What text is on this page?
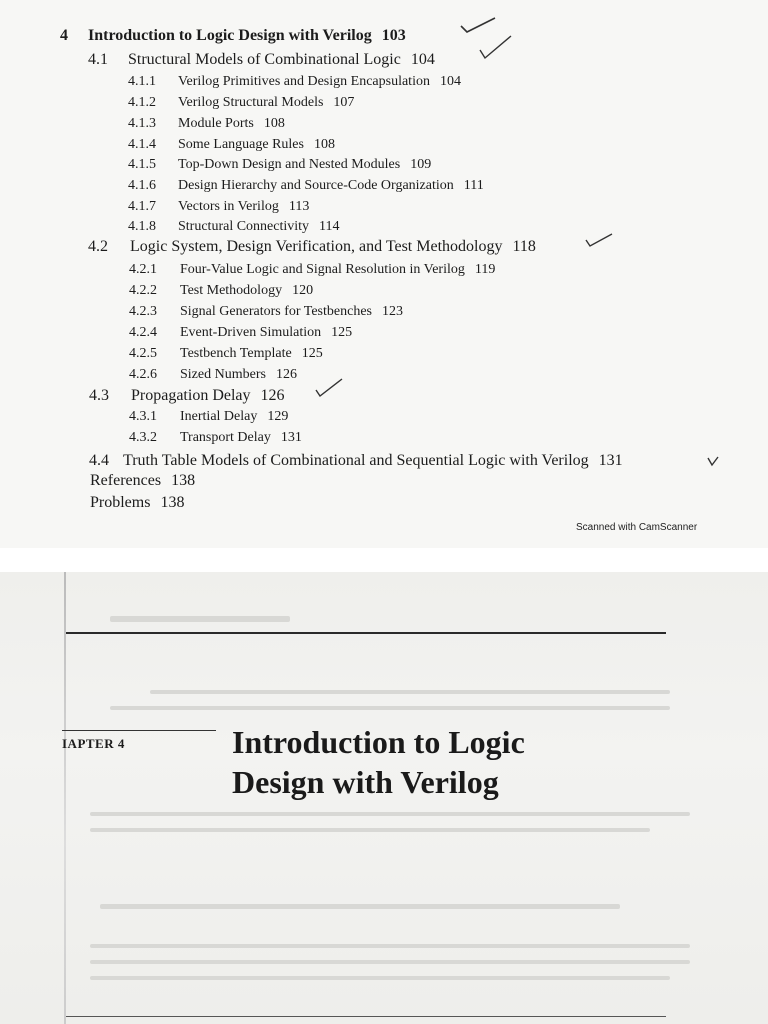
4 Introduction to Logic Design with Verilog 103
4.1 Structural Models of Combinational Logic 104
4.1.1 Verilog Primitives and Design Encapsulation 104
4.1.2 Verilog Structural Models 107
4.1.3 Module Ports 108
4.1.4 Some Language Rules 108
4.1.5 Top-Down Design and Nested Modules 109
4.1.6 Design Hierarchy and Source-Code Organization 111
4.1.7 Vectors in Verilog 113
4.1.8 Structural Connectivity 114
4.2 Logic System, Design Verification, and Test Methodology 118
4.2.1 Four-Value Logic and Signal Resolution in Verilog 119
4.2.2 Test Methodology 120
4.2.3 Signal Generators for Testbenches 123
4.2.4 Event-Driven Simulation 125
4.2.5 Testbench Template 125
4.2.6 Sized Numbers 126
4.3 Propagation Delay 126
4.3.1 Inertial Delay 129
4.3.2 Transport Delay 131
4.4 Truth Table Models of Combinational and Sequential Logic with Verilog 131
References 138
Problems 138
Scanned with CamScanner
IAPTER 4	Introduction to Logic
Design with Verilog
